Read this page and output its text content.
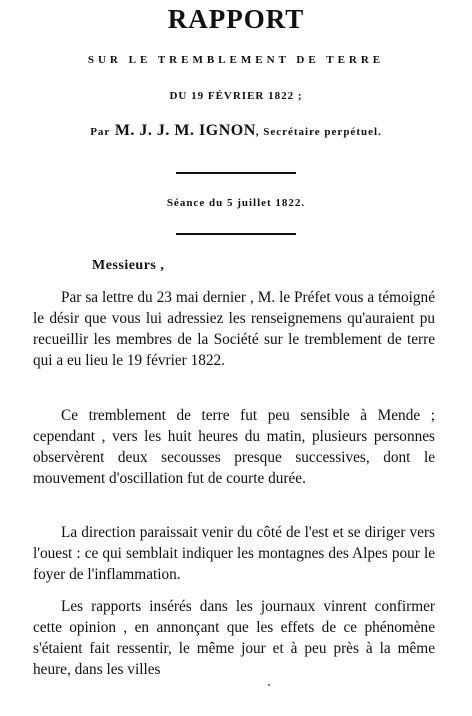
RAPPORT
SUR LE TREMBLEMENT DE TERRE
DU 19 FÉVRIER 1822 ;
Par M. J. J. M. IGNON, Secrétaire perpétuel.
Séance du 5 juillet 1822.
Messieurs ,

Par sa lettre du 23 mai dernier , M. le Préfet vous a témoigné le désir que vous lui adressiez les renseignemens qu'auraient pu recueillir les membres de la Société sur le tremblement de terre qui a eu lieu le 19 février 1822.

Ce tremblement de terre fut peu sensible à Mende ; cependant , vers les huit heures du matin, plusieurs personnes observèrent deux secousses presque successives, dont le mouvement d'oscillation fut de courte durée.

La direction paraissait venir du côté de l'est et se diriger vers l'ouest : ce qui semblait indiquer les montagnes des Alpes pour le foyer de l'inflammation.

Les rapports insérés dans les journaux vinrent confirmer cette opinion , en annonçant que les effets de ce phénomène s'étaient fait ressentir, le même jour et à peu près à la même heure, dans les villes
